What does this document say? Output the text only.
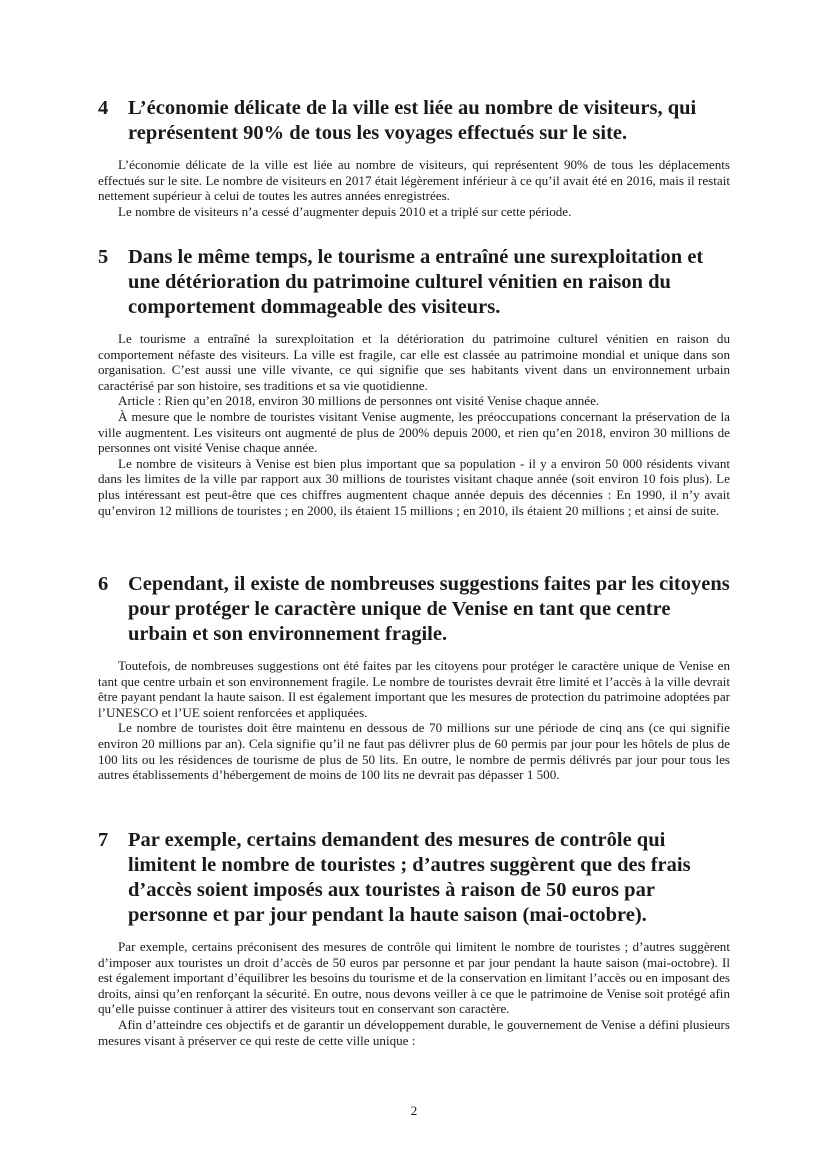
4 L’économie délicate de la ville est liée au nombre de visiteurs, qui représentent 90% de tous les voyages effectués sur le site.

L’économie délicate de la ville est liée au nombre de visiteurs, qui représentent 90% de tous les déplacements effectués sur le site. Le nombre de visiteurs en 2017 était légèrement inférieur à ce qu’il avait été en 2016, mais il restait nettement supérieur à celui de toutes les autres années enregistrées.

Le nombre de visiteurs n’a cessé d’augmenter depuis 2010 et a triplé sur cette période.

5 Dans le même temps, le tourisme a entraîné une surexploitation et une détérioration du patrimoine culturel vénitien en raison du comportement dommageable des visiteurs.

Le tourisme a entraîné la surexploitation et la détérioration du patrimoine culturel vénitien en raison du comportement néfaste des visiteurs. La ville est fragile, car elle est classée au patrimoine mondial et unique dans son organisation. C’est aussi une ville vivante, ce qui signifie que ses habitants vivent dans un environnement urbain caractérisé par son histoire, ses traditions et sa vie quotidienne.

Article : Rien qu’en 2018, environ 30 millions de personnes ont visité Venise chaque année.

À mesure que le nombre de touristes visitant Venise augmente, les préoccupations concernant la préservation de la ville augmentent. Les visiteurs ont augmenté de plus de 200% depuis 2000, et rien qu’en 2018, environ 30 millions de personnes ont visité Venise chaque année.

Le nombre de visiteurs à Venise est bien plus important que sa population - il y a environ 50 000 résidents vivant dans les limites de la ville par rapport aux 30 millions de touristes visitant chaque année (soit environ 10 fois plus). Le plus intéressant est peut-être que ces chiffres augmentent chaque année depuis des décennies : En 1990, il n’y avait qu’environ 12 millions de touristes ; en 2000, ils étaient 15 millions ; en 2010, ils étaient 20 millions ; et ainsi de suite.

6 Cependant, il existe de nombreuses suggestions faites par les citoyens pour protéger le caractère unique de Venise en tant que centre urbain et son environnement fragile.

Toutefois, de nombreuses suggestions ont été faites par les citoyens pour protéger le caractère unique de Venise en tant que centre urbain et son environnement fragile. Le nombre de touristes devrait être limité et l’accès à la ville devrait être payant pendant la haute saison. Il est également important que les mesures de protection du patrimoine adoptées par l’UNESCO et l’UE soient renforcées et appliquées.

Le nombre de touristes doit être maintenu en dessous de 70 millions sur une période de cinq ans (ce qui signifie environ 20 millions par an). Cela signifie qu’il ne faut pas délivrer plus de 60 permis par jour pour les hôtels de plus de 100 lits ou les résidences de tourisme de plus de 50 lits. En outre, le nombre de permis délivrés par jour pour tous les autres établissements d’hébergement de moins de 100 lits ne devrait pas dépasser 1 500.

7 Par exemple, certains demandent des mesures de contrôle qui limitent le nombre de touristes ; d’autres suggèrent que des frais d’accès soient imposés aux touristes à raison de 50 euros par personne et par jour pendant la haute saison (mai-octobre).

Par exemple, certains préconisent des mesures de contrôle qui limitent le nombre de touristes ; d’autres suggèrent d’imposer aux touristes un droit d’accès de 50 euros par personne et par jour pendant la haute saison (mai-octobre). Il est également important d’équilibrer les besoins du tourisme et de la conservation en limitant l’accès ou en imposant des droits, ainsi qu’en renforçant la sécurité. En outre, nous devons veiller à ce que le patrimoine de Venise soit protégé afin qu’elle puisse continuer à attirer des visiteurs tout en conservant son caractère.

Afin d’atteindre ces objectifs et de garantir un développement durable, le gouvernement de Venise a défini plusieurs mesures visant à préserver ce qui reste de cette ville unique :

2
